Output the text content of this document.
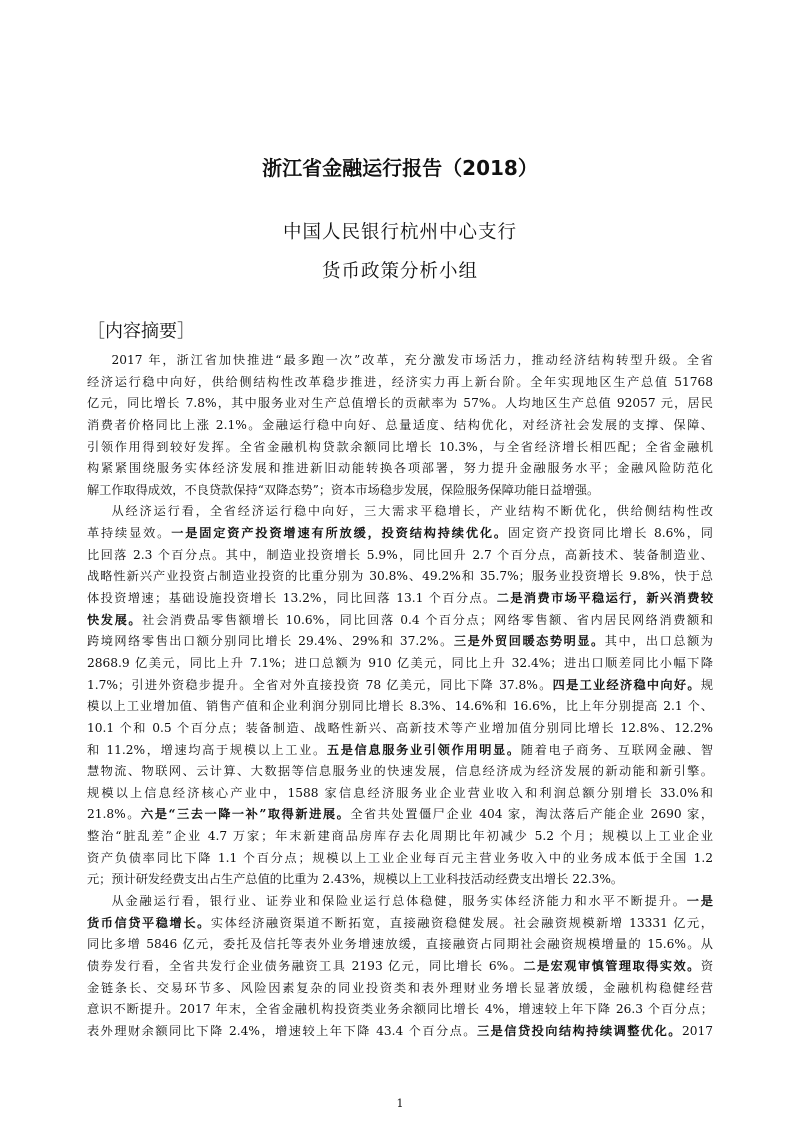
浙江省金融运行报告（2018）
中国人民银行杭州中心支行
货币政策分析小组
［内容摘要］
2017 年，浙江省加快推进“最多跑一次”改革，充分激发市场活力，推动经济结构转型升级。全省
经济运行稳中向好，供给侧结构性改革稳步推进，经济实力再上新台阶。全年实现地区生产总值 51768
亿元，同比增长 7.8%，其中服务业对生产总值增长的贡献率为 57%。人均地区生产总值 92057 元，居民
消费者价格同比上涨 2.1%。金融运行稳中向好、总量适度、结构优化，对经济社会发展的支撑、保障、
引领作用得到较好发挥。全省金融机构贷款余额同比增长 10.3%，与全省经济增长相匹配；全省金融机
构紧紧围绕服务实体经济发展和推进新旧动能转换各项部署，努力提升金融服务水平；金融风险防范化
解工作取得成效，不良贷款保持“双降态势”；资本市场稳步发展，保险服务保障功能日益增强。
从经济运行看，全省经济运行稳中向好，三大需求平稳增长，产业结构不断优化，供给侧结构性改
革持续显效。一是固定资产投资增速有所放缓，投资结构持续优化。固定资产投资同比增长 8.6%，同
比回落 2.3 个百分点。其中，制造业投资增长 5.9%，同比回升 2.7 个百分点，高新技术、装备制造业、
战略性新兴产业投资占制造业投资的比重分别为 30.8%、49.2%和 35.7%；服务业投资增长 9.8%，快于总
体投资增速；基础设施投资增长 13.2%，同比回落 13.1 个百分点。二是消费市场平稳运行，新兴消费较
快发展。社会消费品零售额增长 10.6%，同比回落 0.4 个百分点；网络零售额、省内居民网络消费额和
跨境网络零售出口额分别同比增长 29.4%、29%和 37.2%。三是外贸回暖态势明显。其中，出口总额为
2868.9 亿美元，同比上升 7.1%；进口总额为 910 亿美元，同比上升 32.4%；进出口顺差同比小幅下降
1.7%；引进外资稳步提升。全省对外直接投资 78 亿美元，同比下降 37.8%。四是工业经济稳中向好。规
模以上工业增加值、销售产值和企业利润分别同比增长 8.3%、14.6%和 16.6%，比上年分别提高 2.1 个、
10.1 个和 0.5 个百分点；装备制造、战略性新兴、高新技术等产业增加值分别同比增长 12.8%、12.2%
和 11.2%，增速均高于规模以上工业。五是信息服务业引领作用明显。随着电子商务、互联网金融、智
慧物流、物联网、云计算、大数据等信息服务业的快速发展，信息经济成为经济发展的新动能和新引擎。
规模以上信息经济核心产业中，1588 家信息经济服务业企业营业收入和利润总额分别增长 33.0%和
21.8%。六是“三去一降一补”取得新进展。全省共处置僵尸企业 404 家，淘汰落后产能企业 2690 家，
整治“脏乱差”企业 4.7 万家；年末新建商品房库存去化周期比年初减少 5.2 个月；规模以上工业企业
资产负债率同比下降 1.1 个百分点；规模以上工业企业每百元主营业务收入中的业务成本低于全国 1.2
元；预计研发经费支出占生产总值的比重为 2.43%，规模以上工业科技活动经费支出增长 22.3%。
从金融运行看，银行业、证券业和保险业运行总体稳健，服务实体经济能力和水平不断提升。一是
货币信贷平稳增长。实体经济融资渠道不断拓宽，直接融资稳健发展。社会融资规模新增 13331 亿元，
同比多增 5846 亿元，委托及信托等表外业务增速放缓，直接融资占同期社会融资规模增量的 15.6%。从
债券发行看，全省共发行企业债务融资工具 2193 亿元，同比增长 6%。二是宏观审慎管理取得实效。资
金链条长、交易环节多、风险因素复杂的同业投资类和表外理财业务增长显著放缓，金融机构稳健经营
意识不断提升。2017 年末，全省金融机构投资类业务余额同比增长 4%，增速较上年下降 26.3 个百分点；
表外理财余额同比下降 2.4%，增速较上年下降 43.4 个百分点。三是信贷投向结构持续调整优化。2017
1
